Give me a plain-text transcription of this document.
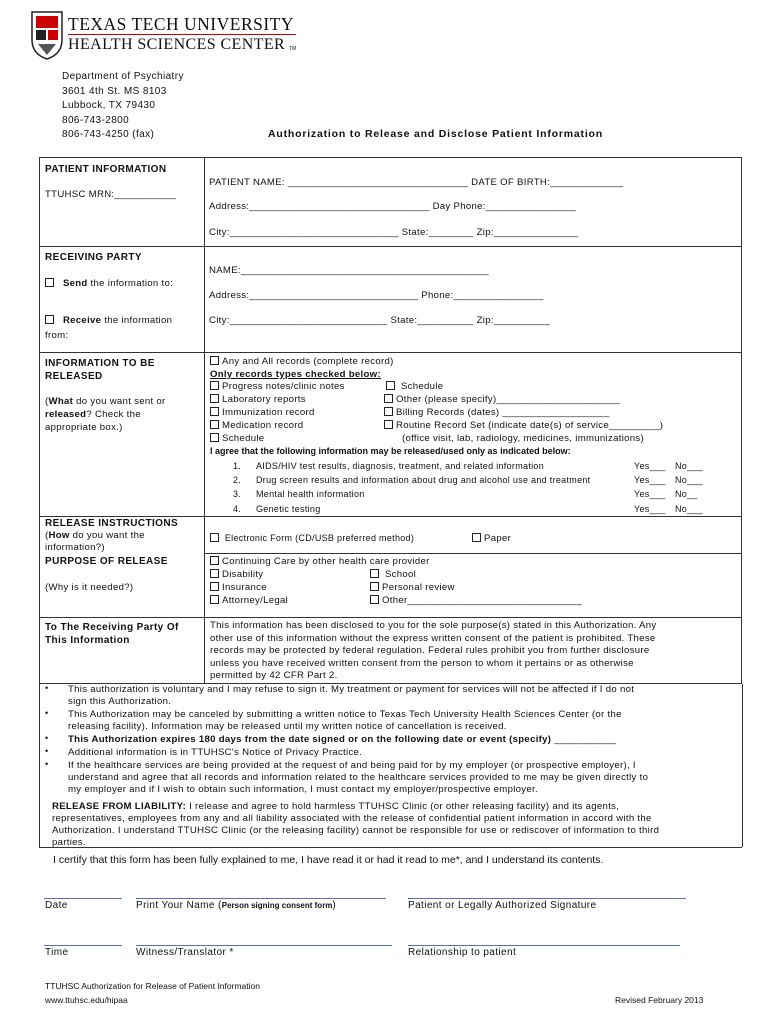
TEXAS TECH UNIVERSITY
HEALTH SCIENCES CENTER TM
Department of Psychiatry
3601 4th St. MS 8103
Lubbock, TX 79430
806-743-2800
806-743-4250 (fax)	Authorization to Release and Disclose Patient Information
PATIENT INFORMATION
TTUHSC MRN:___________
PATIENT NAME: ________________________________ DATE OF BIRTH:_____________
Address:________________________________ Day Phone:________________
City:______________________________ State:________ Zip:_______________
RECEIVING PARTY
Send the information to:
Receive the information
from:
NAME:____________________________________________
Address:______________________________ Phone:________________
City:____________________________ State:__________ Zip:__________
INFORMATION TO BE
RELEASED
(What do you want sent or
released? Check the
appropriate box.)
Any and All records (complete record)
Only records types checked below:
Progress notes/clinic notes	Schedule
Laboratory reports	Other (please specify)______________________
Immunization record	Billing Records (dates) ___________________
Medication record	Routine Record Set (indicate date(s) of service_________)
Schedule	(office visit, lab, radiology, medicines, immunizations)
I agree that the following information may be released/used only as indicated below:
1. AIDS/HIV test results, diagnosis, treatment, and related information	Yes___ No___
2. Drug screen results and information about drug and alcohol use and treatment	Yes___ No___
3. Mental health information	Yes___ No__
4. Genetic testing	Yes___ No___
RELEASE INSTRUCTIONS
(How do you want the
information?)
Electronic Form (CD/USB preferred method)	Paper
PURPOSE OF RELEASE
(Why is it needed?)
Continuing Care by other health care provider
Disability	School
Insurance	Personal review
Attorney/Legal	Other_______________________________
To The Receiving Party Of
This Information
This information has been disclosed to you for the sole purpose(s) stated in this Authorization. Any
other use of this information without the express written consent of the patient is prohibited. These
records may be protected by federal regulation. Federal rules prohibit you from further disclosure
unless you have received written consent from the person to whom it pertains or as otherwise
permitted by 42 CFR Part 2.
• This authorization is voluntary and I may refuse to sign it. My treatment or payment for services will not be affected if I do not
sign this Authorization.
• This Authorization may be canceled by submitting a written notice to Texas Tech University Health Sciences Center (or the
releasing facility). Information may be released until my written notice of cancellation is received.
• This Authorization expires 180 days from the date signed or on the following date or event (specify) ___________
• Additional information is in TTUHSC's Notice of Privacy Practice.
• If the healthcare services are being provided at the request of and being paid for by my employer (or prospective employer), I
understand and agree that all records and information related to the healthcare services provided to me may be given directly to
my employer and if I wish to obtain such information, I must contact my employer/prospective employer.
RELEASE FROM LIABILITY: I release and agree to hold harmless TTUHSC Clinic (or other releasing facility) and its agents,
representatives, employees from any and all liability associated with the release of confidential patient information in accord with the
Authorization. I understand TTUHSC Clinic (or the releasing facility) cannot be responsible for use or rediscover of information to third
parties.
I certify that this form has been fully explained to me, I have read it or had it read to me*, and I understand its contents.
Date	Print Your Name (Person signing consent form)	Patient or Legally Authorized Signature
Time	Witness/Translator *	Relationship to patient
TTUHSC Authorization for Release of Patient Information
www.ttuhsc.edu/hipaa	Revised February 2013
